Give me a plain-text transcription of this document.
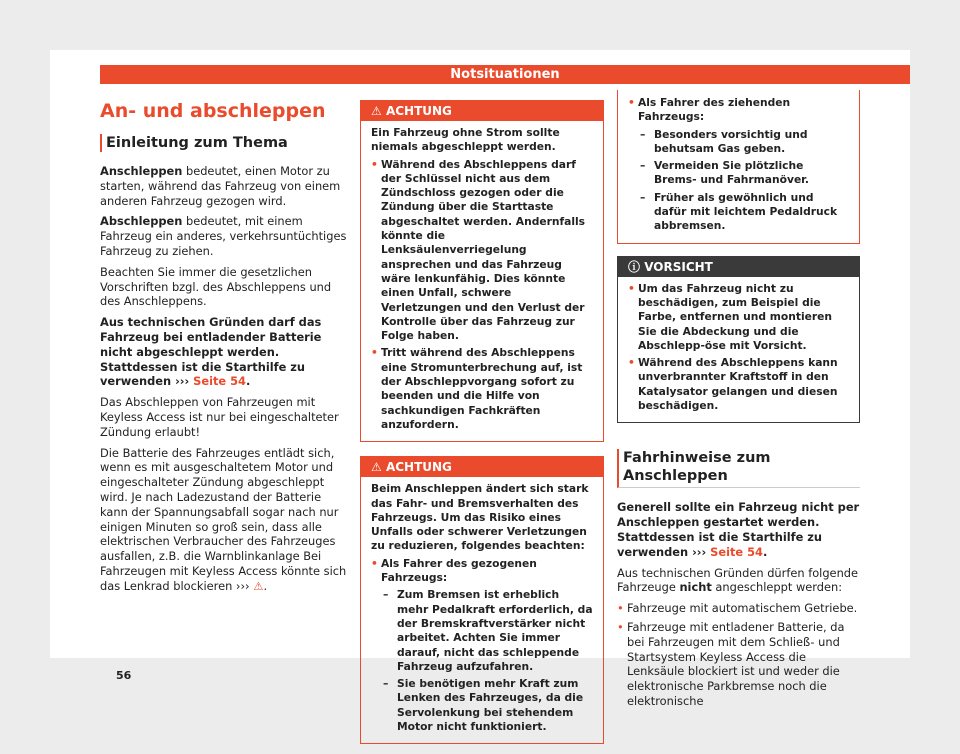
Notsituationen
An- und abschleppen
Einleitung zum Thema

Anschleppen bedeutet, einen Motor zu starten, während das Fahrzeug von einem anderen Fahrzeug gezogen wird.

Abschleppen bedeutet, mit einem Fahrzeug ein anderes, verkehrsuntüchtiges Fahrzeug zu ziehen.

Beachten Sie immer die gesetzlichen Vorschriften bzgl. des Abschleppens und des Anschleppens.

Aus technischen Gründen darf das Fahrzeug bei entladender Batterie nicht abgeschleppt werden. Stattdessen ist die Starthilfe zu verwenden ››› Seite 54.

Das Abschleppen von Fahrzeugen mit Keyless Access ist nur bei eingeschalteter Zündung erlaubt!

Die Batterie des Fahrzeuges entlädt sich, wenn es mit ausgeschaltetem Motor und eingeschalteter Zündung abgeschleppt wird. Je nach Ladezustand der Batterie kann der Spannungsabfall sogar nach nur einigen Minuten so groß sein, dass alle elektrischen Verbraucher des Fahrzeuges ausfallen, z.B. die Warnblinkanlage Bei Fahrzeugen mit Keyless Access könnte sich das Lenkrad blockieren ››› ⚠.

⚠ ACHTUNG

Ein Fahrzeug ohne Strom sollte niemals abgeschleppt werden.

• Während des Abschleppens darf der Schlüssel nicht aus dem Zündschloss gezogen oder die Zündung über die Starttaste abgeschaltet werden. Andernfalls könnte die Lenksäulenverriegelung ansprechen und das Fahrzeug wäre lenkunfähig. Dies könnte einen Unfall, schwere Verletzungen und den Verlust der Kontrolle über das Fahrzeug zur Folge haben.
• Tritt während des Abschleppens eine Stromunterbrechung auf, ist der Abschleppvorgang sofort zu beenden und die Hilfe von sachkundigen Fachkräften anzufordern.
⚠ ACHTUNG

Beim Anschleppen ändert sich stark das Fahr- und Bremsverhalten des Fahrzeugs. Um das Risiko eines Unfalls oder schwerer Verletzungen zu reduzieren, folgendes beachten:

• Als Fahrer des gezogenen Fahrzeugs:
– Zum Bremsen ist erheblich mehr Pedalkraft erforderlich, da der Bremskraftverstärker nicht arbeitet. Achten Sie immer darauf, nicht das schleppende Fahrzeug aufzufahren.
– Sie benötigen mehr Kraft zum Lenken des Fahrzeuges, da die Servolenkung bei stehendem Motor nicht funktioniert.
• Als Fahrer des ziehenden Fahrzeugs:
– Besonders vorsichtig und behutsam Gas geben.
– Vermeiden Sie plötzliche Brems- und Fahrmanöver.
– Früher als gewöhnlich und dafür mit leichtem Pedaldruck abbremsen.
ⓘ VORSICHT
• Um das Fahrzeug nicht zu beschädigen, zum Beispiel die Farbe, entfernen und montieren Sie die Abdeckung und die Abschlepp-öse mit Vorsicht.
• Während des Abschleppens kann unverbrannter Kraftstoff in den Katalysator gelangen und diesen beschädigen.
Fahrhinweise zum Anschleppen

Generell sollte ein Fahrzeug nicht per Anschleppen gestartet werden. Stattdessen ist die Starthilfe zu verwenden ››› Seite 54.

Aus technischen Gründen dürfen folgende Fahrzeuge nicht angeschleppt werden:

• Fahrzeuge mit automatischem Getriebe.
• Fahrzeuge mit entladener Batterie, da bei Fahrzeugen mit dem Schließ- und Startsystem Keyless Access die Lenksäule blockiert ist und weder die elektronische Parkbremse noch die elektronische
56
